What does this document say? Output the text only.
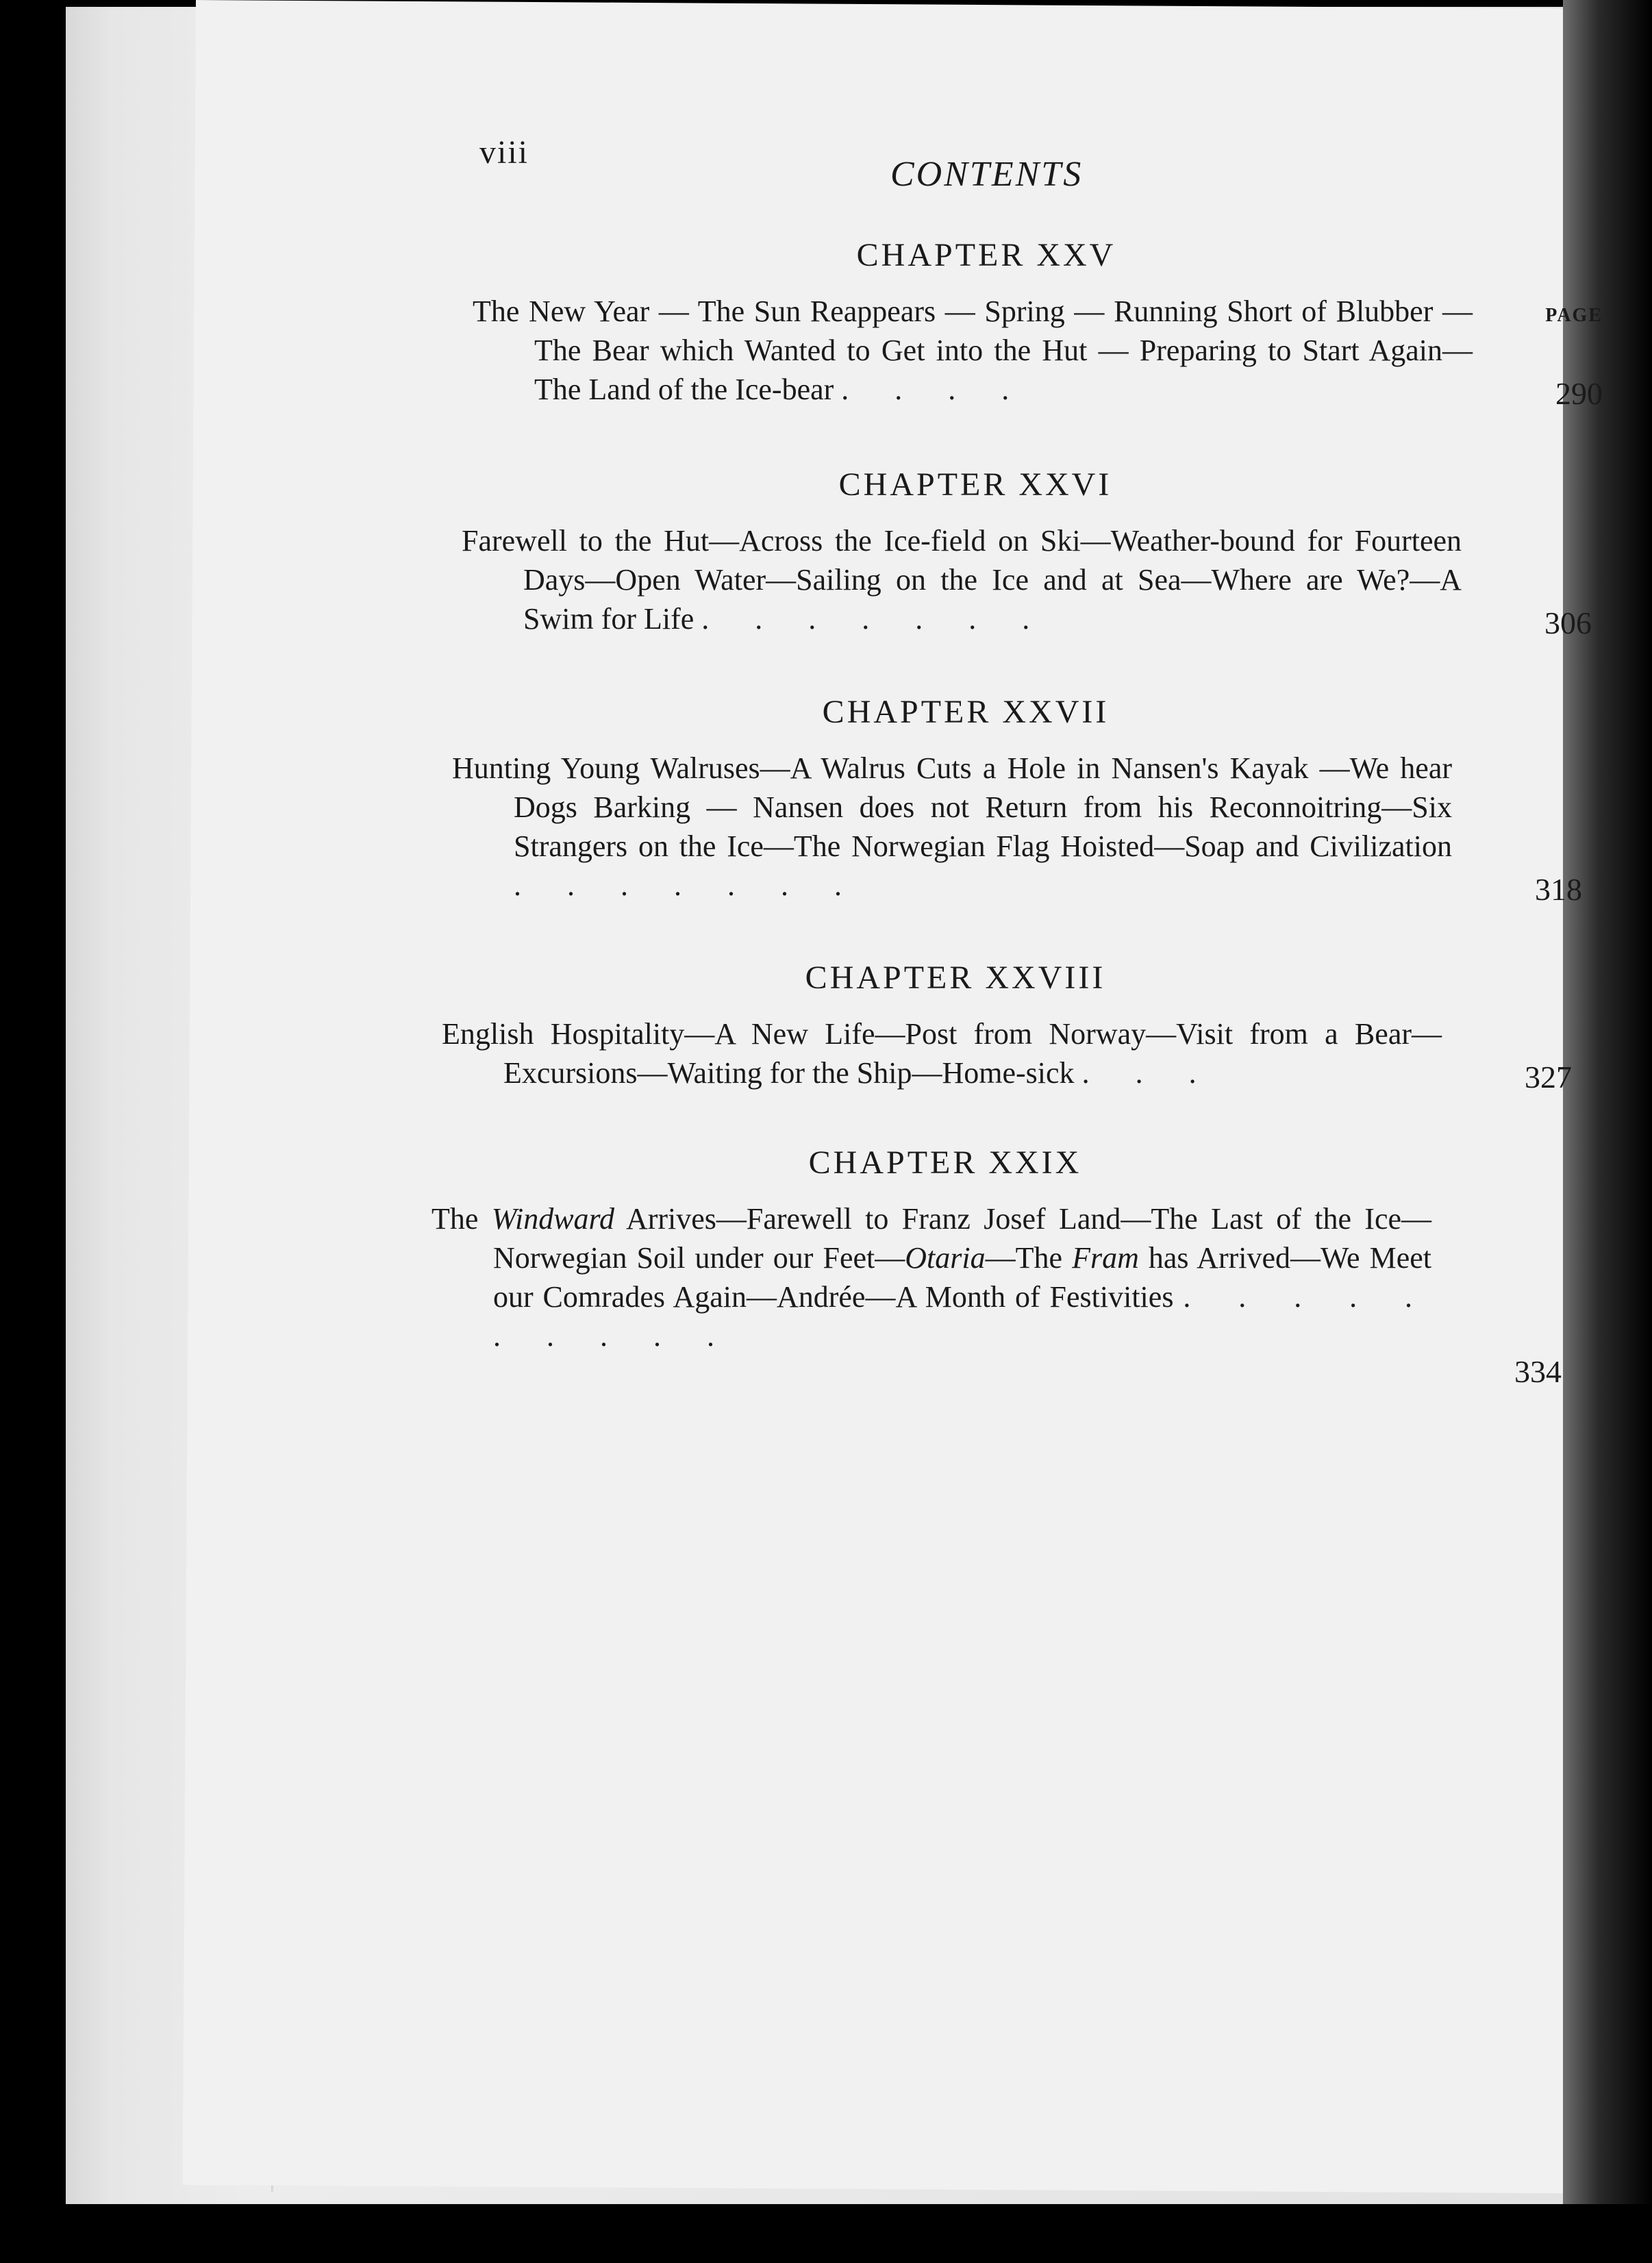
viii
CONTENTS
CHAPTER XXV
PAGE
The New Year — The Sun Reappears — Spring — Running Short of Blubber — The Bear which Wanted to Get into the Hut — Preparing to Start Again—The Land of the Ice-bear . . . .	290
CHAPTER XXVI
Farewell to the Hut—Across the Ice-field on Ski—Weather-bound for Fourteen Days—Open Water—Sailing on the Ice and at Sea—Where are We?—A Swim for Life . . . . . . .	306
CHAPTER XXVII
Hunting Young Walruses—A Walrus Cuts a Hole in Nansen's Kayak —We hear Dogs Barking — Nansen does not Return from his Reconnoitring—Six Strangers on the Ice—The Norwegian Flag Hoisted—Soap and Civilization . . . . . . .	318
CHAPTER XXVIII
English Hospitality—A New Life—Post from Norway—Visit from a Bear—Excursions—Waiting for the Ship—Home-sick . . .	327
CHAPTER XXIX
The Windward Arrives—Farewell to Franz Josef Land—The Last of the Ice—Norwegian Soil under our Feet—Otaria—The Fram has Arrived—We Meet our Comrades Again—Andrée—A Month of Festivities . . . . . . . . . .
334
